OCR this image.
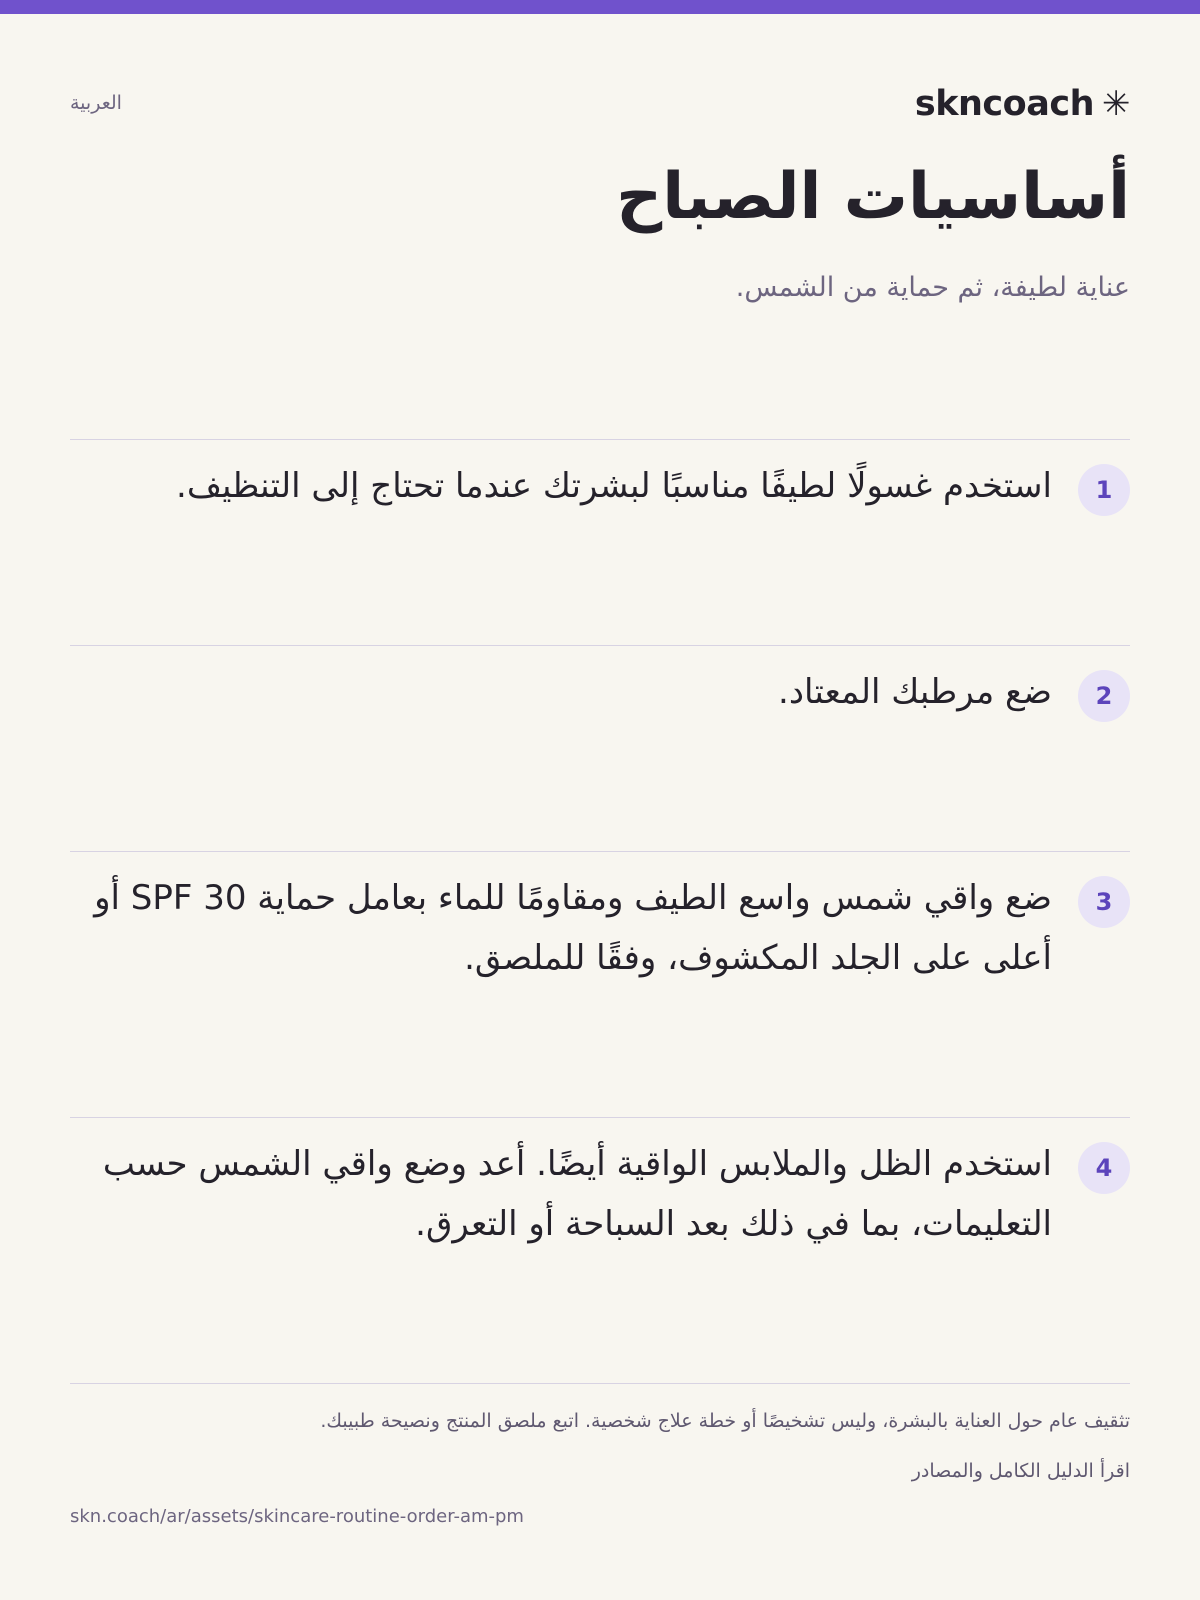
skncoach ✳
العربية
أساسيات الصباح

عناية لطيفة، ثم حماية من الشمس.

1

استخدم غسولًا لطيفًا مناسبًا لبشرتك عندما تحتاج إلى التنظيف.

2

ضع مرطبك المعتاد.

3

ضع واقي شمس واسع الطيف ومقاومًا للماء بعامل حماية SPF 30 أو أعلى على الجلد المكشوف، وفقًا للملصق.

4

استخدم الظل والملابس الواقية أيضًا. أعد وضع واقي الشمس حسب التعليمات، بما في ذلك بعد السباحة أو التعرق.

تثقيف عام حول العناية بالبشرة، وليس تشخيصًا أو خطة علاج شخصية. اتبع ملصق المنتج ونصيحة طبيبك.

اقرأ الدليل الكامل والمصادر
skn.coach/ar/assets/skincare-routine-order-am-pm
